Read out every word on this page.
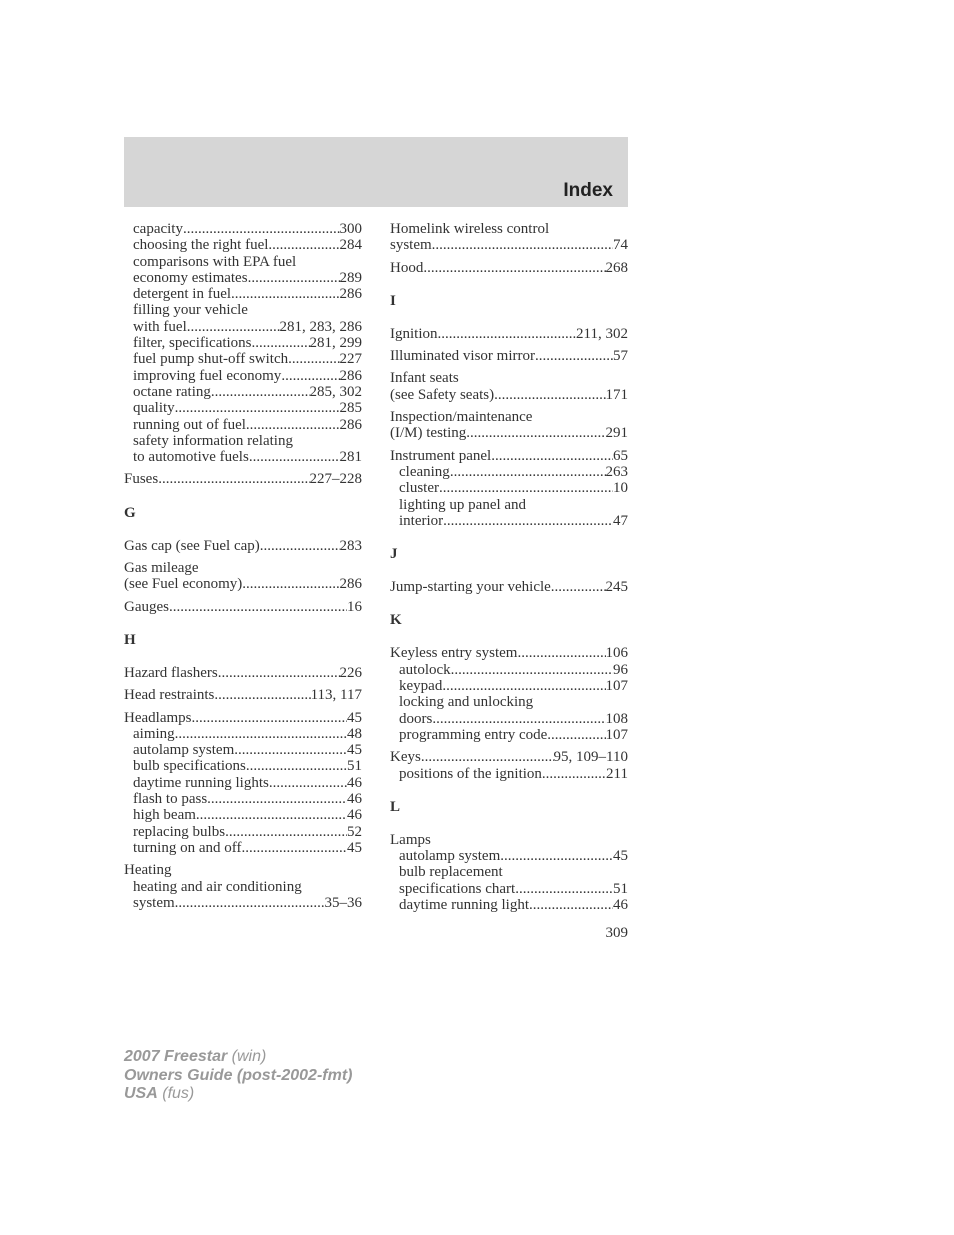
Index
capacity .....	300
choosing the right fuel .....	284
comparisons with EPA fuel
economy estimates .....	289
detergent in fuel .....	286
filling your vehicle
with fuel .....	281, 283, 286
filter, specifications .....	281, 299
fuel pump shut-off switch .....	227
improving fuel economy .....	286
octane rating .....	285, 302
quality .....	285
running out of fuel .....	286
safety information relating
to automotive fuels .....	281
Fuses .....	227–228
G
Gas cap (see Fuel cap) .....	283
Gas mileage
(see Fuel economy) .....	286
Gauges .....	16
H
Hazard flashers .....	226
Head restraints .....	113, 117
Headlamps .....	45
aiming .....	48
autolamp system .....	45
bulb specifications .....	51
daytime running lights .....	46
flash to pass .....	46
high beam .....	46
replacing bulbs .....	52
turning on and off .....	45
Heating
heating and air conditioning
system .....	35–36
Homelink wireless control
system .....	74
Hood .....	268
I
Ignition .....	211, 302
Illuminated visor mirror .....	57
Infant seats
(see Safety seats) .....	171
Inspection/maintenance
(I/M) testing .....	291
Instrument panel .....	65
cleaning .....	263
cluster .....	10
lighting up panel and
interior .....	47
J
Jump-starting your vehicle .....	245
K
Keyless entry system .....	106
autolock .....	96
keypad .....	107
locking and unlocking
doors .....	108
programming entry code .....	107
Keys .....	95, 109–110
positions of the ignition .....	211
L
Lamps
autolamp system .....	45
bulb replacement
specifications chart .....	51
daytime running light .....	46
309
2007 Freestar (win)
Owners Guide (post-2002-fmt)
USA (fus)
